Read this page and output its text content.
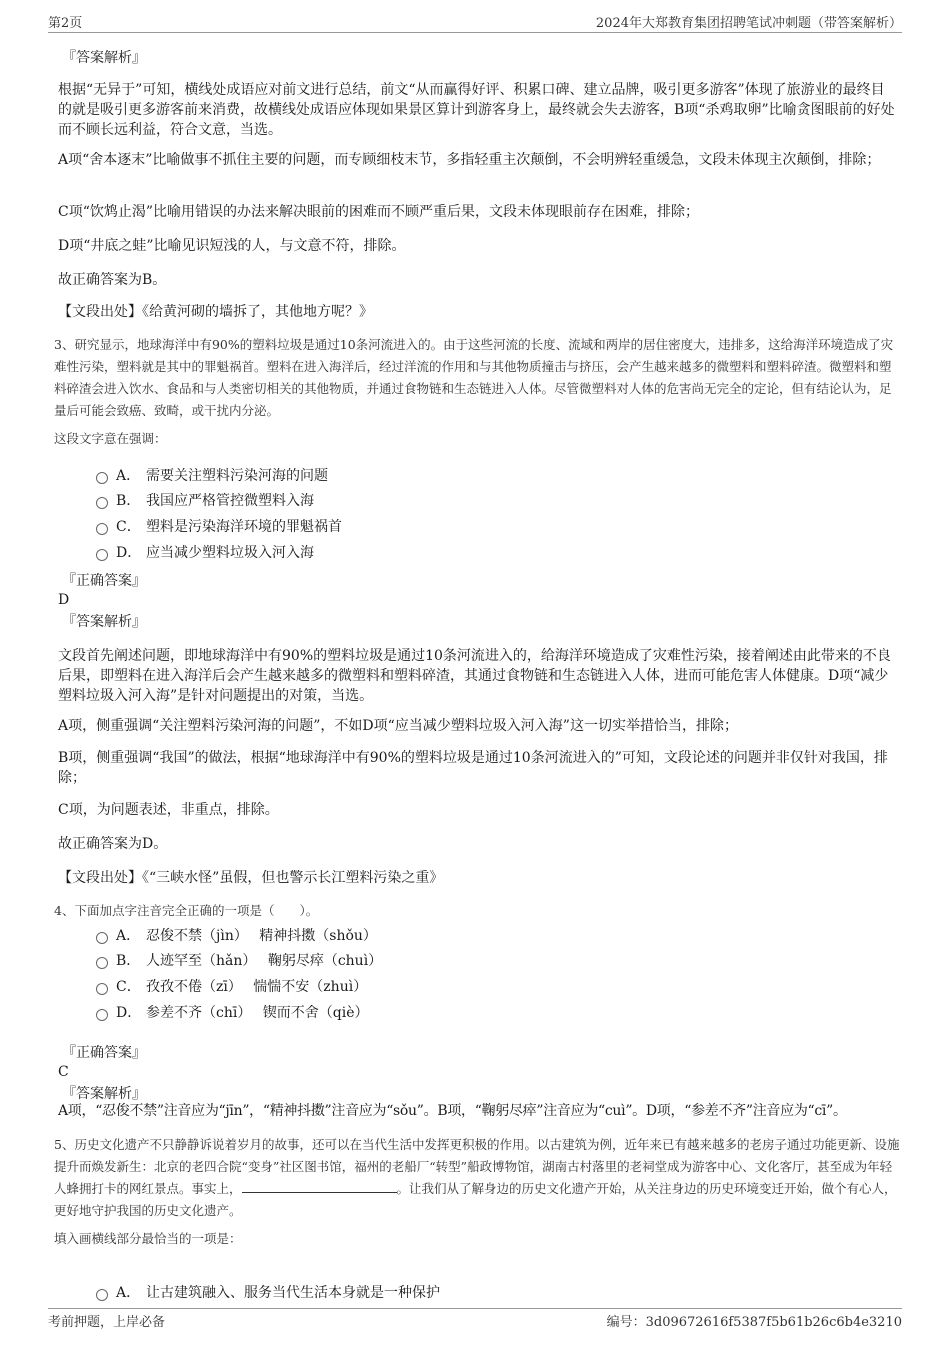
第2页	2024年大郑教育集团招聘笔试冲刺题（带答案解析）
『答案解析』
根据“无异于”可知，横线处成语应对前文进行总结，前文“从而赢得好评、积累口碑、建立品牌，吸引更多游客”体现了旅游业的最终目的就是吸引更多游客前来消费，故横线处成语应体现如果景区算计到游客身上，最终就会失去游客，B项“杀鸡取卵”比喻贪图眼前的好处而不顾长远利益，符合文意，当选。
A项“舍本逐末”比喻做事不抓住主要的问题，而专顾细枝末节，多指轻重主次颠倒，不会明辨轻重缓急，文段未体现主次颠倒，排除；
C项“饮鸩止渴”比喻用错误的办法来解决眼前的困难而不顾严重后果，文段未体现眼前存在困难，排除；
D项“井底之蛙”比喻见识短浅的人，与文意不符，排除。
故正确答案为B。
【文段出处】《给黄河砌的墙拆了，其他地方呢？》
3、研究显示，地球海洋中有90%的塑料垃圾是通过10条河流进入的。由于这些河流的长度、流域和两岸的居住密度大，违排多，这给海洋环境造成了灾难性污染，塑料就是其中的罪魁祸首。塑料在进入海洋后，经过洋流的作用和与其他物质撞击与挤压，会产生越来越多的微塑料和塑料碎渣。微塑料和塑料碎渣会进入饮水、食品和与人类密切相关的其他物质，并通过食物链和生态链进入人体。尽管微塑料对人体的危害尚无完全的定论，但有结论认为，足量后可能会致癌、致畸，或干扰内分泌。
这段文字意在强调：
A． 需要关注塑料污染河海的问题
B． 我国应严格管控微塑料入海
C． 塑料是污染海洋环境的罪魁祸首
D． 应当减少塑料垃圾入河入海
『正确答案』
D
『答案解析』
文段首先阐述问题，即地球海洋中有90%的塑料垃圾是通过10条河流进入的，给海洋环境造成了灾难性污染，接着阐述由此带来的不良后果，即塑料在进入海洋后会产生越来越多的微塑料和塑料碎渣，其通过食物链和生态链进入人体，进而可能危害人体健康。D项“减少塑料垃圾入河入海”是针对问题提出的对策，当选。
A项，侧重强调“关注塑料污染河海的问题”，不如D项“应当减少塑料垃圾入河入海”这一切实举措恰当，排除；
B项，侧重强调“我国”的做法，根据“地球海洋中有90%的塑料垃圾是通过10条河流进入的”可知，文段论述的问题并非仅针对我国，排除；
C项，为问题表述，非重点，排除。
故正确答案为D。
【文段出处】《“三峡水怪”虽假，但也警示长江塑料污染之重》
4、下面加点字注音完全正确的一项是（　　）。
A． 忍俊不禁（jìn）　 精神抖擞（shǒu）
B． 人迹罕至（hǎn）　 鞠躬尽瘁（chuì）
C． 孜孜不倦（zī）　 惴惴不安（zhuì）
D． 参差不齐（chī）　 锲而不舍（qiè）
『正确答案』
C
『答案解析』
A项，“忍俊不禁”注音应为“jīn”，“精神抖擞”注音应为“sǒu”。B项，“鞠躬尽瘁”注音应为“cuì”。D项，“参差不齐”注音应为“cī”。
5、历史文化遗产不只静静诉说着岁月的故事，还可以在当代生活中发挥更积极的作用。以古建筑为例，近年来已有越来越多的老房子通过功能更新、设施提升而焕发新生：北京的老四合院“变身”社区图书馆，福州的老船厂“转型”船政博物馆，湖南古村落里的老祠堂成为游客中心、文化客厅，甚至成为年轻人蜂拥打卡的网红景点。事实上，	。让我们从了解身边的历史文化遗产开始，从关注身边的历史环境变迁开始，做个有心人，更好地守护我国的历史文化遗产。
填入画横线部分最恰当的一项是：
A． 让古建筑融入、服务当代生活本身就是一种保护
考前押题，上岸必备	编号：3d09672616f5387f5b61b26c6b4e3210
